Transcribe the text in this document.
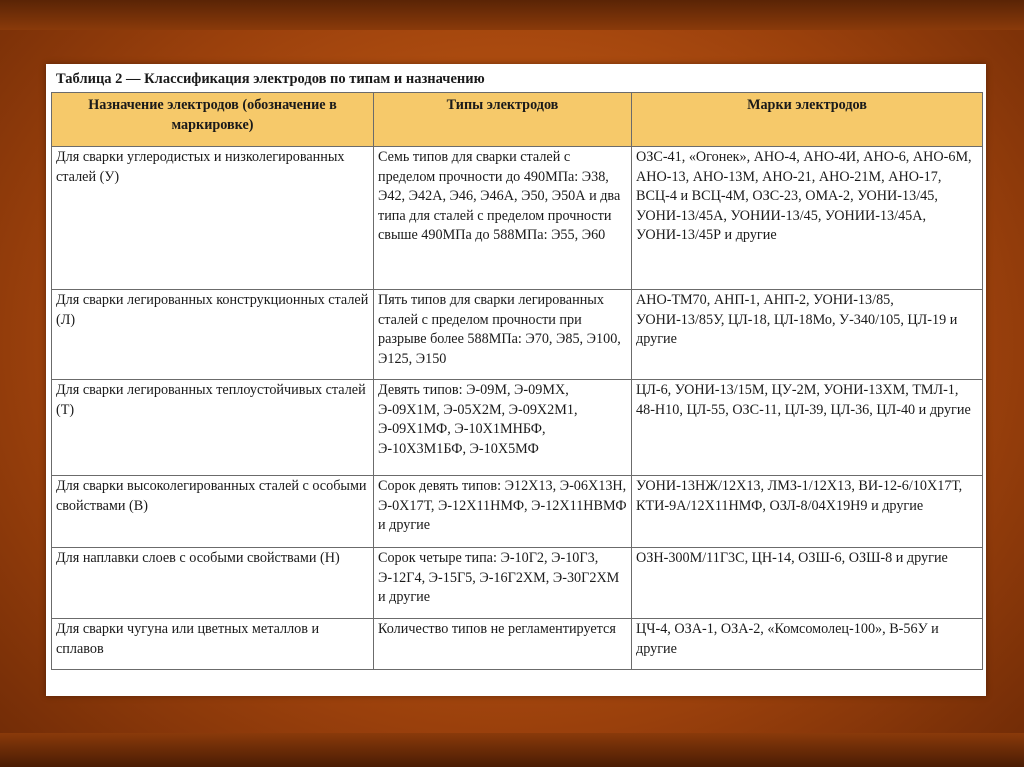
Таблица 2 — Классификация электродов по типам и назначению
Назначение электродов (обозначение в маркировке)	Типы электродов	Марки электродов
Для сварки углеродистых и низколегированных сталей (У)	Семь типов для сварки сталей с пределом прочности до 490МПа: Э38, Э42, Э42А, Э46, Э46А, Э50, Э50А и два типа для сталей с пределом прочности свыше 490МПа до 588МПа: Э55, Э60	ОЗС-41, «Огонек», АНО-4, АНО-4И, АНО-6, АНО-6М, АНО-13, АНО-13М, АНО-21, АНО-21М, АНО-17, ВСЦ-4 и ВСЦ-4М, ОЗС-23, ОМА-2, УОНИ-13/45, УОНИ-13/45А, УОНИИ-13/45, УОНИИ-13/45А, УОНИ-13/45Р и другие
Для сварки легированных конструкционных сталей (Л)	Пять типов для сварки легированных сталей с пределом прочности при разрыве более 588МПа: Э70, Э85, Э100, Э125, Э150	АНО-ТМ70, АНП-1, АНП-2, УОНИ-13/85, УОНИ-13/85У, ЦЛ-18, ЦЛ-18Мо, У-340/105, ЦЛ-19 и другие
Для сварки легированных теплоустойчивых сталей (Т)	Девять типов: Э-09М, Э-09МХ, Э-09Х1М, Э-05Х2М, Э-09Х2М1, Э-09Х1МФ, Э-10Х1МНБФ, Э-10Х3М1БФ, Э-10Х5МФ	ЦЛ-6, УОНИ-13/15М, ЦУ-2М, УОНИ-13ХМ, ТМЛ-1, 48-Н10, ЦЛ-55, ОЗС-11, ЦЛ-39, ЦЛ-36, ЦЛ-40 и другие
Для сварки высоколегированных сталей с особыми свойствами (В)	Сорок девять типов: Э12Х13, Э-06Х13Н, Э-0Х17Т, Э-12Х11НМФ, Э-12Х11НВМФ и другие	УОНИ-13НЖ/12Х13, ЛМЗ-1/12Х13, ВИ-12-6/10Х17Т, КТИ-9А/12Х11НМФ, ОЗЛ-8/04Х19Н9 и другие
Для наплавки слоев с особыми свойствами (Н)	Сорок четыре типа: Э-10Г2, Э-10Г3, Э-12Г4, Э-15Г5, Э-16Г2ХМ, Э-30Г2ХМ и другие	ОЗН-300М/11Г3С, ЦН-14, ОЗШ-6, ОЗШ-8 и другие
Для сварки чугуна или цветных металлов и сплавов	Количество типов не регламентируется	ЦЧ-4, ОЗА-1, ОЗА-2, «Комсомолец-100», В-56У и другие
